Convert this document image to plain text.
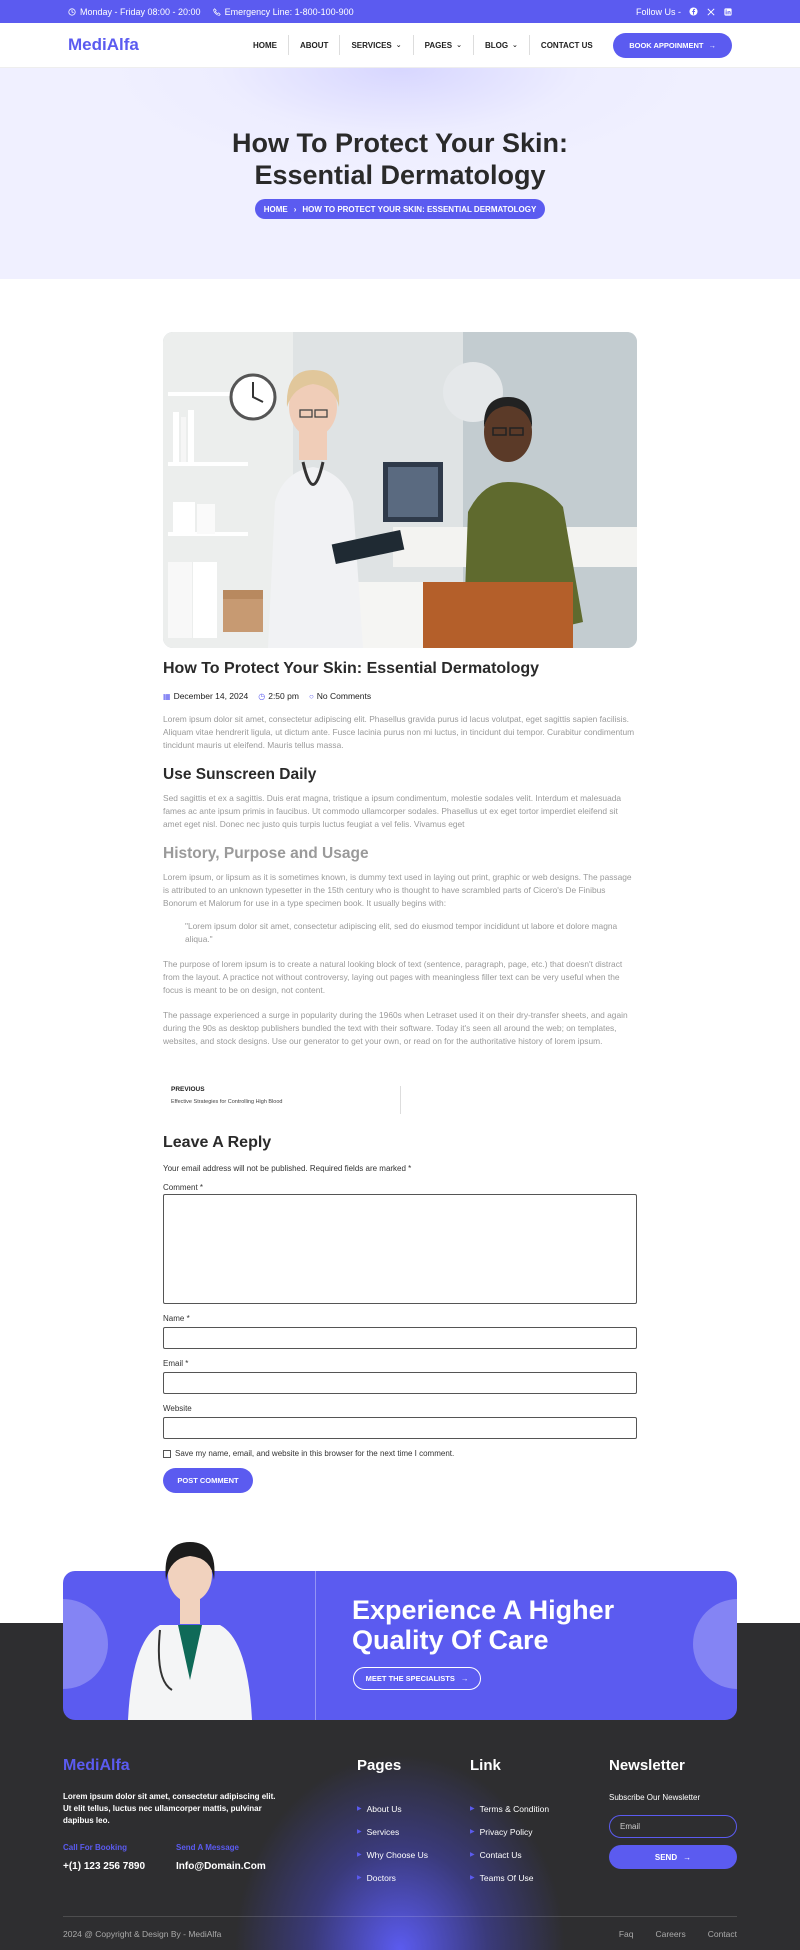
Monday - Friday 08:00 - 20:00	Emergency Line: 1-800-100-900	Follow Us -
MediAlfa	HOME	ABOUT	SERVICES ⌄	PAGES ⌄	BLOG ⌄	CONTACT US	BOOK APPOINMENT →
How To Protect Your Skin:
Essential Dermatology
HOME › HOW TO PROTECT YOUR SKIN: ESSENTIAL DERMATOLOGY
How To Protect Your Skin: Essential Dermatology
▦ December 14, 2024 ◷ 2:50 pm ○ No Comments

Lorem ipsum dolor sit amet, consectetur adipiscing elit. Phasellus gravida purus id lacus volutpat, eget sagittis sapien facilisis. Aliquam vitae hendrerit ligula, ut dictum ante. Fusce lacinia purus non mi luctus, in tincidunt dui tempor. Curabitur condimentum tincidunt mauris ut eleifend. Mauris tellus massa.

Use Sunscreen Daily

Sed sagittis et ex a sagittis. Duis erat magna, tristique a ipsum condimentum, molestie sodales velit. Interdum et malesuada fames ac ante ipsum primis in faucibus. Ut commodo ullamcorper sodales. Phasellus ut ex eget tortor imperdiet eleifend sit amet eget nisl. Donec nec justo quis turpis luctus feugiat a vel felis. Vivamus eget

History, Purpose and Usage

Lorem ipsum, or lipsum as it is sometimes known, is dummy text used in laying out print, graphic or web designs. The passage is attributed to an unknown typesetter in the 15th century who is thought to have scrambled parts of Cicero's De Finibus Bonorum et Malorum for use in a type specimen book. It usually begins with:

"Lorem ipsum dolor sit amet, consectetur adipiscing elit, sed do eiusmod tempor incididunt ut labore et dolore magna aliqua."

The purpose of lorem ipsum is to create a natural looking block of text (sentence, paragraph, page, etc.) that doesn't distract from the layout. A practice not without controversy, laying out pages with meaningless filler text can be very useful when the focus is meant to be on design, not content.

The passage experienced a surge in popularity during the 1960s when Letraset used it on their dry-transfer sheets, and again during the 90s as desktop publishers bundled the text with their software. Today it's seen all around the web; on templates, websites, and stock designs. Use our generator to get your own, or read on for the authoritative history of lorem ipsum.

PREVIOUS
Effective Strategies for Controlling High Blood
Leave A Reply
Your email address will not be published. Required fields are marked *
Comment *
Name *
Email *
Website
Save my name, email, and website in this browser for the next time I comment.
POST COMMENT
Experience A Higher
Quality Of Care
MEET THE SPECIALISTS →
MediAlfa
Lorem ipsum dolor sit amet, consectetur adipiscing elit. Ut elit tellus, luctus nec ullamcorper mattis, pulvinar dapibus leo.
Call For Booking
+(1) 123 256 7890
Send A Message
Info@Domain.Com
Pages
▶ About Us
▶ Services
▶ Why Choose Us
▶ Doctors
Link
▶ Terms & Condition
▶ Privacy Policy
▶ Contact Us
▶ Teams Of Use
Newsletter
Subscribe Our Newsletter
Email
SEND →
2024 @ Copyright & Design By - MediAlfa	Faq	Careers	Contact
